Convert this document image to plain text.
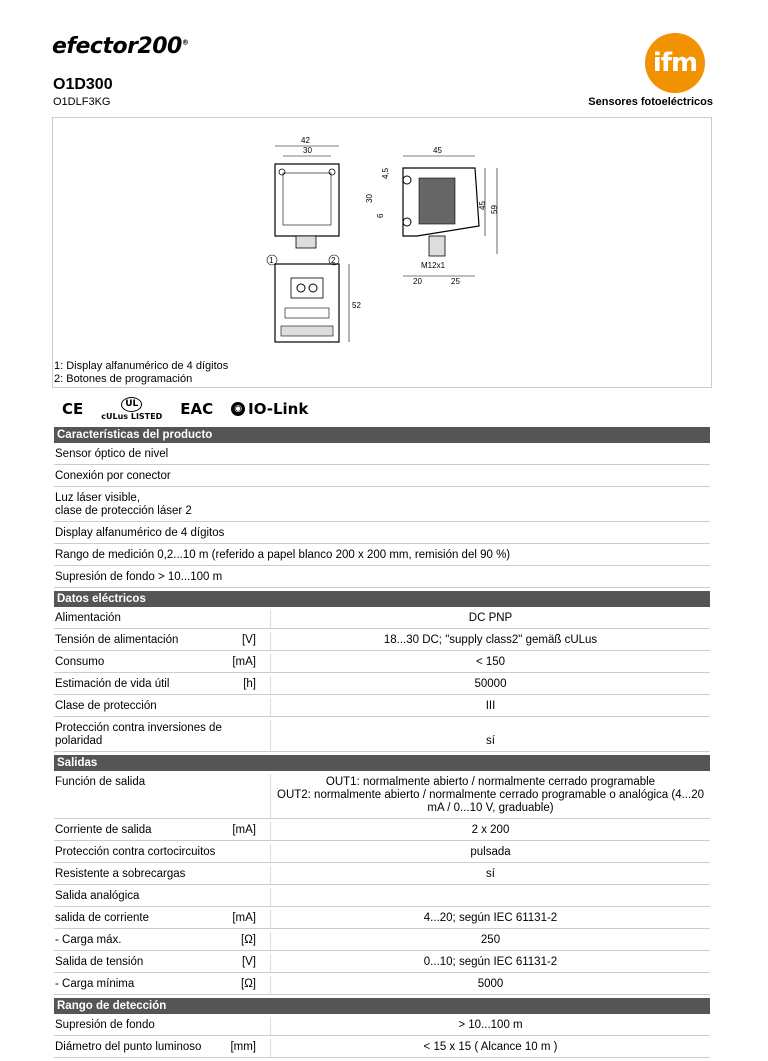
efector200®
ifm
O1D300
O1DLF3KG	Sensores fotoeléctricos
42
30
52
1	2
45
4,5
30
6
45 59
M12x1
20	25
1: Display alfanumérico de 4 dígitos
2: Botones de programación
CE	UL
cULus LISTED EAC	◉ IO-Link
Características del producto
Sensor óptico de nivel
Conexión por conector
Luz láser visible,
clase de protección láser 2
Display alfanumérico de 4 dígitos
Rango de medición 0,2...10 m (referido a papel blanco 200 x 200 mm, remisión del 90 %)
Supresión de fondo > 10...100 m
Datos eléctricos
Alimentación	DC PNP
Tensión de alimentación	[V]	18...30 DC; "supply class2" gemäß cULus
Consumo	[mA]	< 150
Estimación de vida útil	[h]	50000
Clase de protección	III
Protección contra inversiones de polaridad	sí
Salidas
Función de salida	OUT1: normalmente abierto / normalmente cerrado programable
OUT2: normalmente abierto / normalmente cerrado programable o analógica (4...20 mA / 0...10 V, graduable)
Corriente de salida	[mA]	2 x 200
Protección contra cortocircuitos	pulsada
Resistente a sobrecargas	sí
Salida analógica
salida de corriente	[mA]	4...20; según IEC 61131-2
- Carga máx.	[Ω]	250
Salida de tensión	[V]	0...10; según IEC 61131-2
- Carga mínima	[Ω]	5000
Rango de detección
Supresión de fondo	> 10...100 m
Diámetro del punto luminoso	[mm]	< 15 x 15 ( Alcance 10 m )
